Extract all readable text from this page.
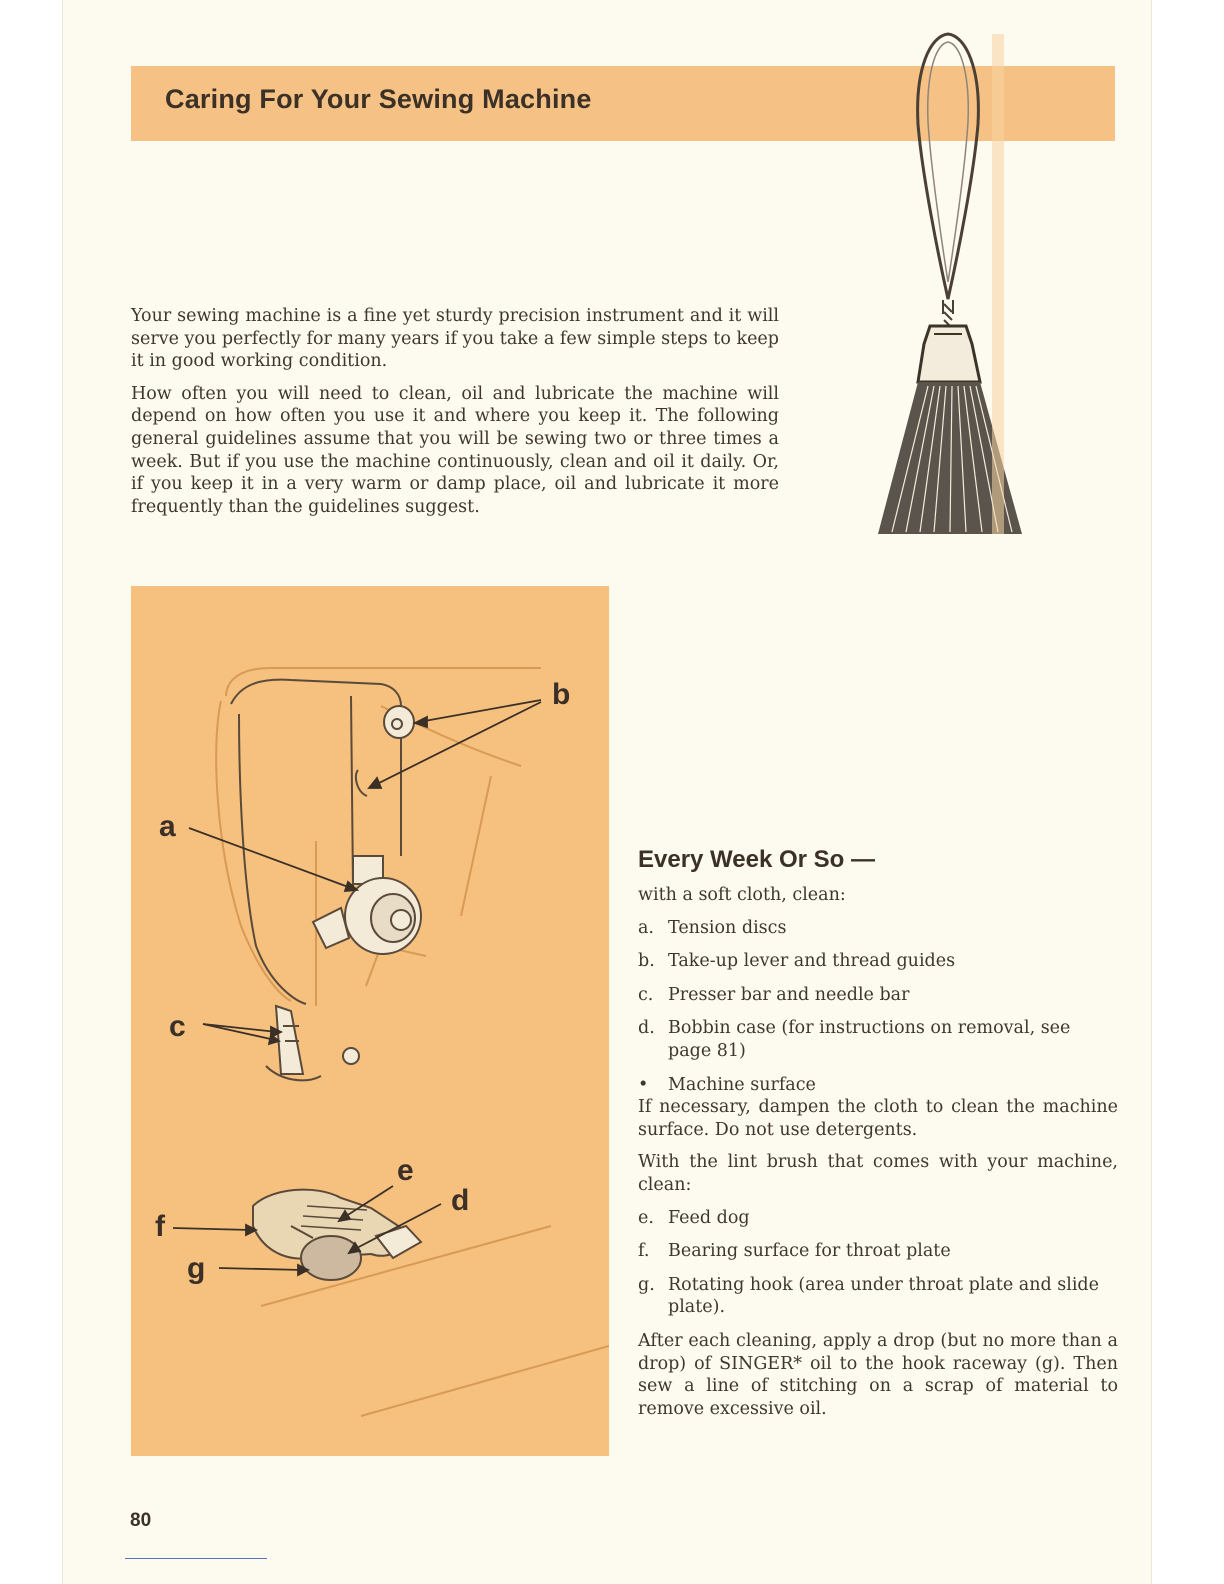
Caring For Your Sewing Machine

Your sewing machine is a fine yet sturdy precision instrument and it will serve you perfectly for many years if you take a few simple steps to keep it in good working condition.

How often you will need to clean, oil and lubricate the machine will depend on how often you use it and where you keep it. The following general guidelines assume that you will be sewing two or three times a week. But if you use the machine continuously, clean and oil it daily. Or, if you keep it in a very warm or damp place, oil and lubricate it more frequently than the guidelines suggest.

b
a
c
e
d
f
g
Every Week Or So —

with a soft cloth, clean:

a. Tension discs
b. Take-up lever and thread guides
c. Presser bar and needle bar
d. Bobbin case (for instructions on removal, see page 81)
• Machine surface

If necessary, dampen the cloth to clean the machine surface. Do not use detergents.

With the lint brush that comes with your machine, clean:

e. Feed dog
f. Bearing surface for throat plate
g. Rotating hook (area under throat plate and slide plate).

After each cleaning, apply a drop (but no more than a drop) of SINGER* oil to the hook raceway (g). Then sew a line of stitching on a scrap of material to remove excessive oil.

80
